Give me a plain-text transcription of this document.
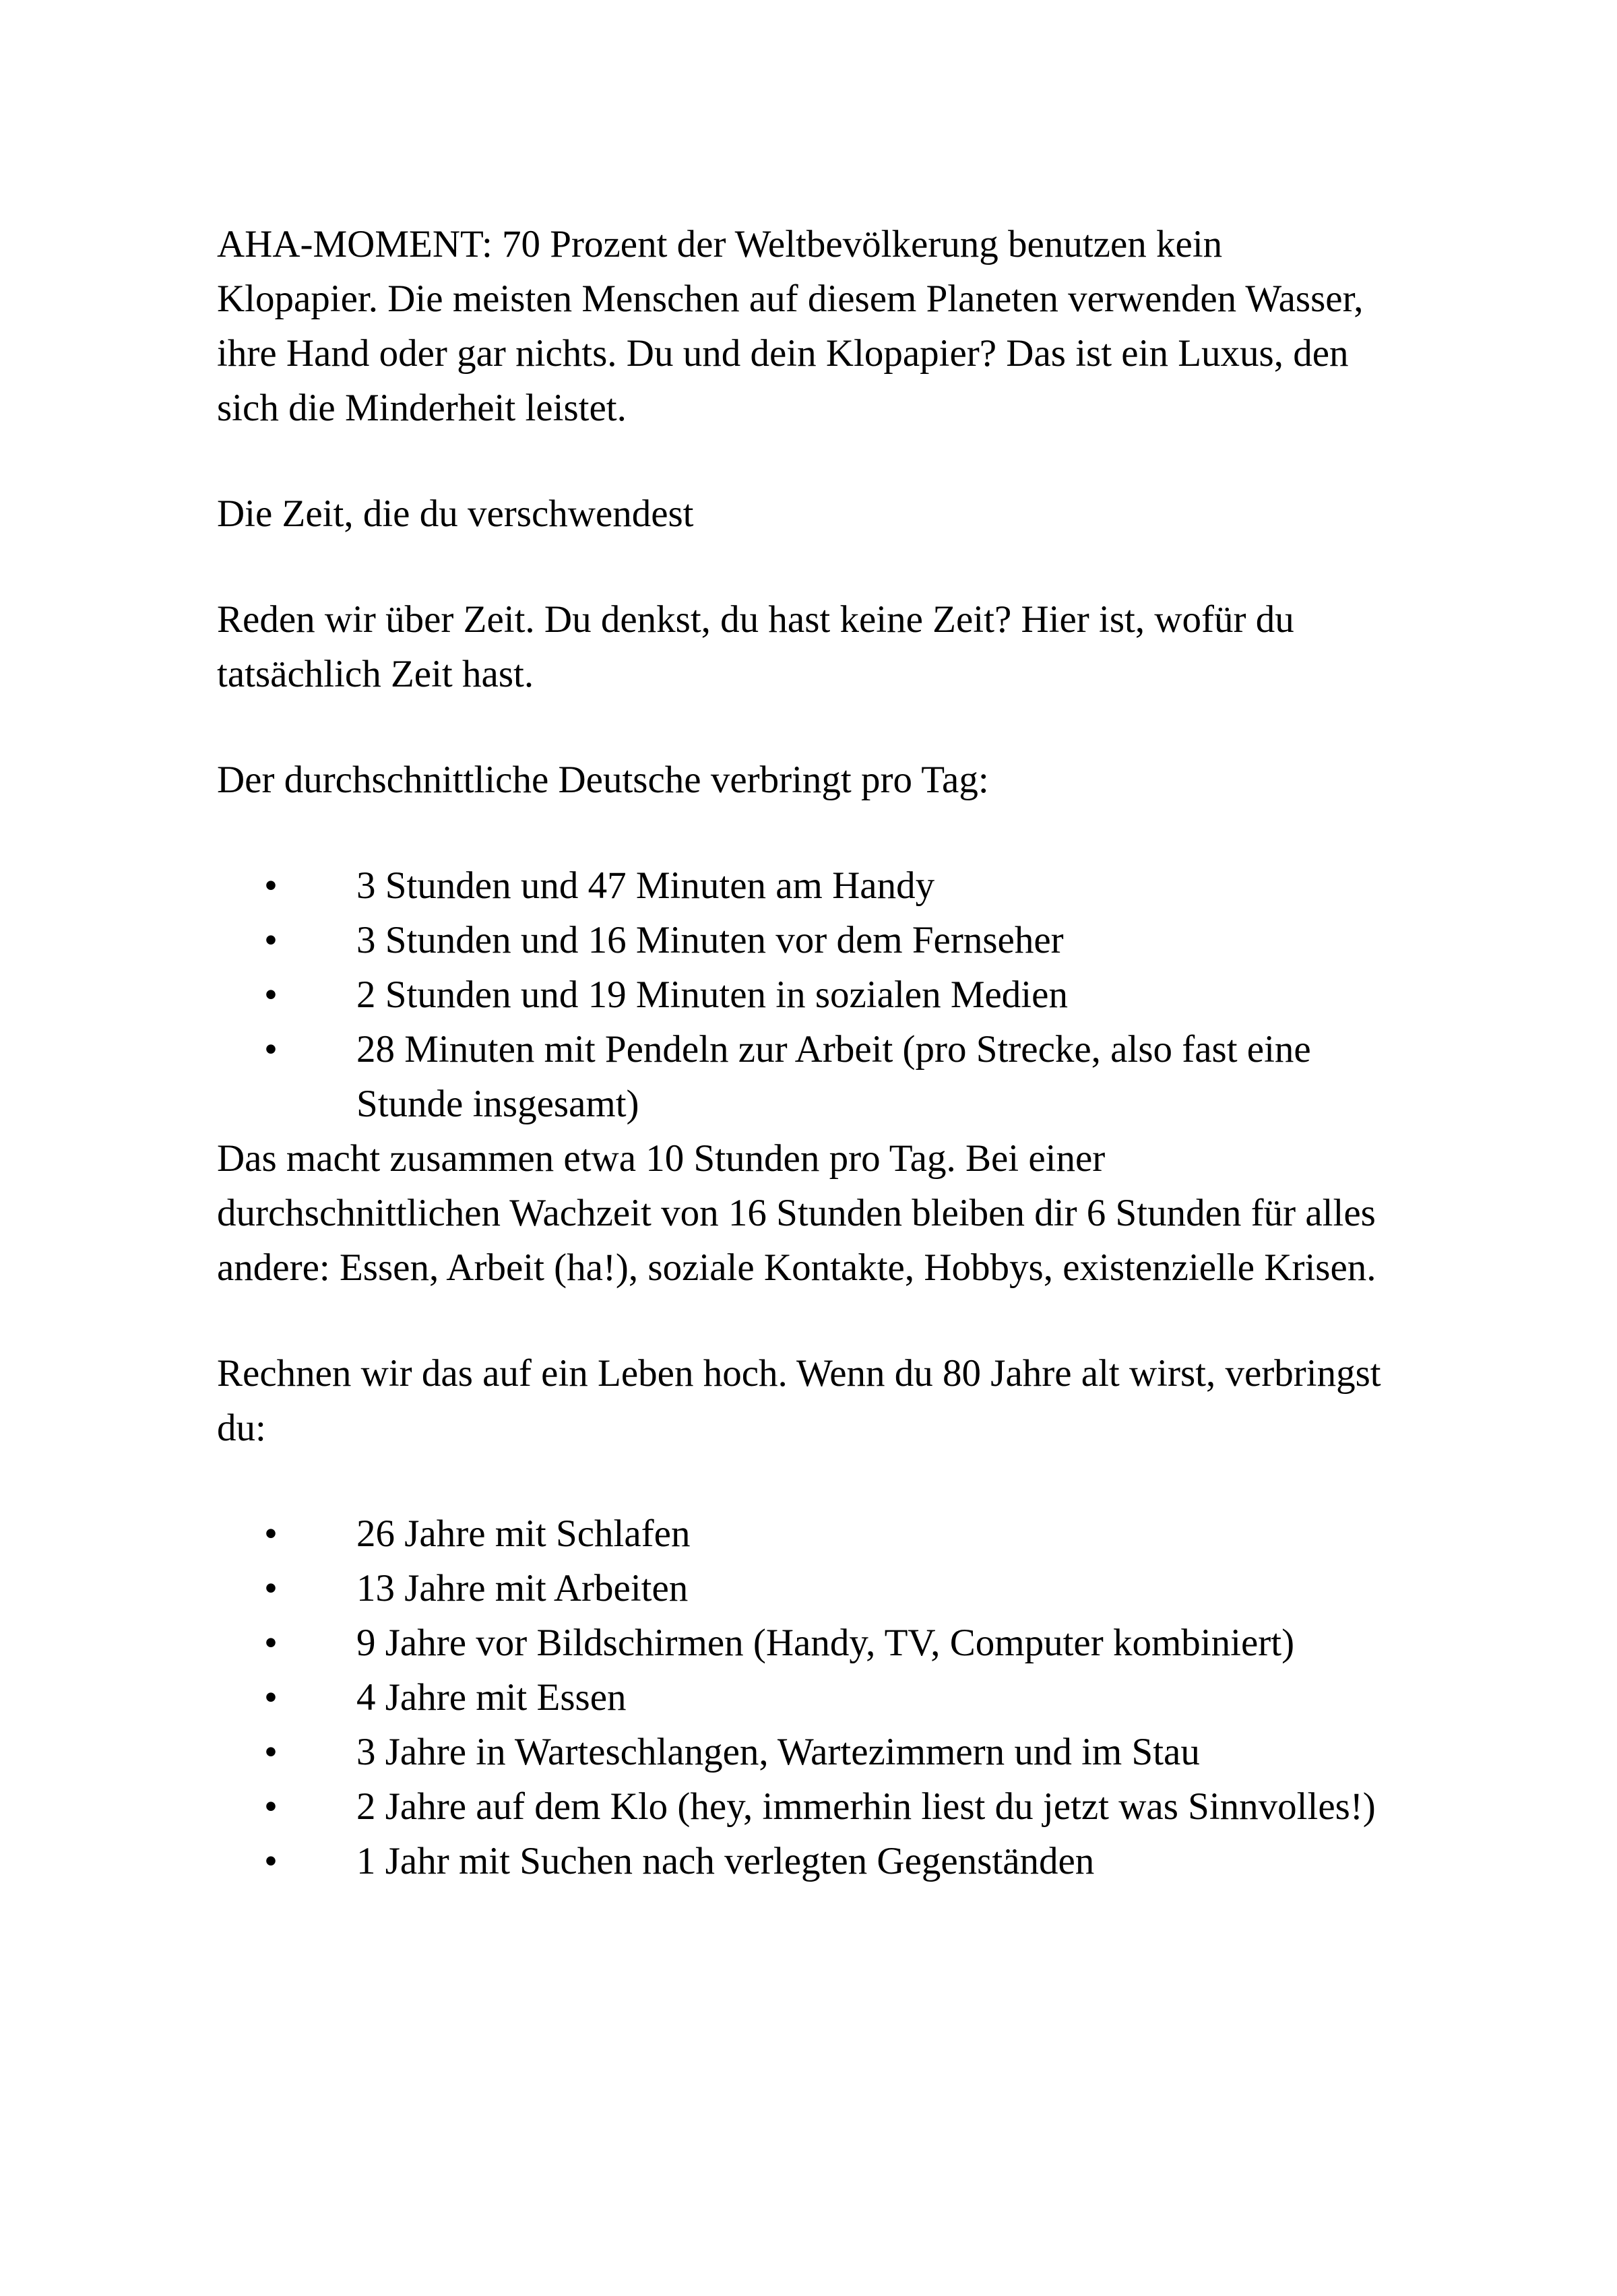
AHA-MOMENT: 70 Prozent der Weltbevölkerung benutzen kein Klopapier. Die meisten Menschen auf diesem Planeten verwenden Wasser, ihre Hand oder gar nichts. Du und dein Klopapier? Das ist ein Luxus, den sich die Minderheit leistet.

Die Zeit, die du verschwendest

Reden wir über Zeit. Du denkst, du hast keine Zeit? Hier ist, wofür du tatsächlich Zeit hast.

Der durchschnittliche Deutsche verbringt pro Tag:

• 3 Stunden und 47 Minuten am Handy
• 3 Stunden und 16 Minuten vor dem Fernseher
• 2 Stunden und 19 Minuten in sozialen Medien
• 28 Minuten mit Pendeln zur Arbeit (pro Strecke, also fast eine Stunde insgesamt)

Das macht zusammen etwa 10 Stunden pro Tag. Bei einer durchschnittlichen Wachzeit von 16 Stunden bleiben dir 6 Stunden für alles andere: Essen, Arbeit (ha!), soziale Kontakte, Hobbys, existenzielle Krisen.

Rechnen wir das auf ein Leben hoch. Wenn du 80 Jahre alt wirst, verbringst du:

• 26 Jahre mit Schlafen
• 13 Jahre mit Arbeiten
• 9 Jahre vor Bildschirmen (Handy, TV, Computer kombiniert)
• 4 Jahre mit Essen
• 3 Jahre in Warteschlangen, Wartezimmern und im Stau
• 2 Jahre auf dem Klo (hey, immerhin liest du jetzt was Sinnvolles!)
• 1 Jahr mit Suchen nach verlegten Gegenständen
